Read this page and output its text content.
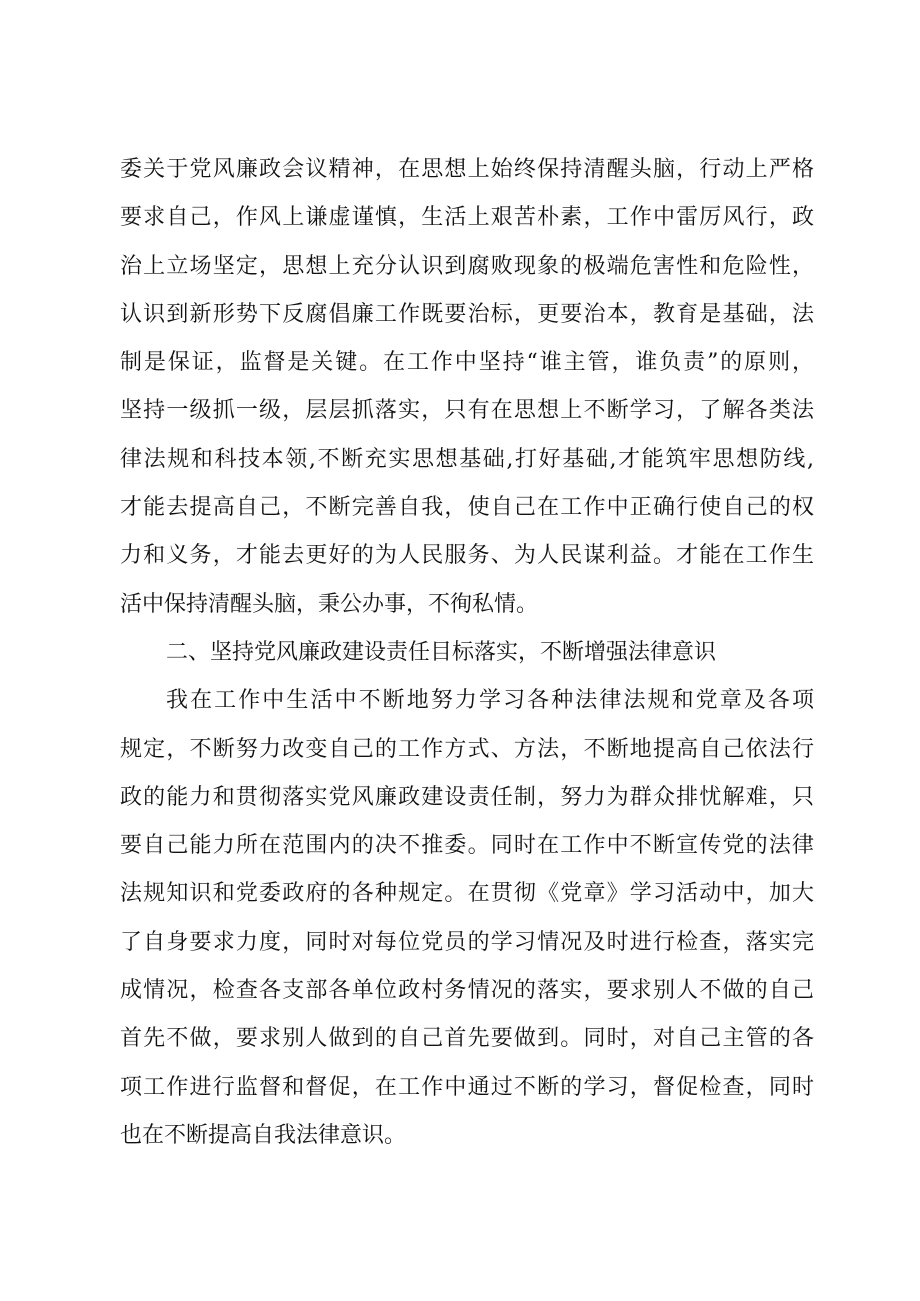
委关于党风廉政会议精神，在思想上始终保持清醒头脑，行动上严格
要求自己，作风上谦虚谨慎，生活上艰苦朴素，工作中雷厉风行，政
治上立场坚定，思想上充分认识到腐败现象的极端危害性和危险性，
认识到新形势下反腐倡廉工作既要治标，更要治本，教育是基础，法
制是保证，监督是关键。在工作中坚持“谁主管，谁负责”的原则，
坚持一级抓一级，层层抓落实，只有在思想上不断学习，了解各类法
律法规和科技本领,不断充实思想基础,打好基础,才能筑牢思想防线,
才能去提高自己，不断完善自我，使自己在工作中正确行使自己的权
力和义务，才能去更好的为人民服务、为人民谋利益。才能在工作生
活中保持清醒头脑，秉公办事，不徇私情。
二、坚持党风廉政建设责任目标落实，不断增强法律意识
我在工作中生活中不断地努力学习各种法律法规和党章及各项
规定，不断努力改变自己的工作方式、方法，不断地提高自己依法行
政的能力和贯彻落实党风廉政建设责任制，努力为群众排忧解难，只
要自己能力所在范围内的决不推委。同时在工作中不断宣传党的法律
法规知识和党委政府的各种规定。在贯彻《党章》学习活动中，加大
了自身要求力度，同时对每位党员的学习情况及时进行检查，落实完
成情况，检查各支部各单位政村务情况的落实，要求别人不做的自己
首先不做，要求别人做到的自己首先要做到。同时，对自己主管的各
项工作进行监督和督促，在工作中通过不断的学习，督促检查，同时
也在不断提高自我法律意识。
